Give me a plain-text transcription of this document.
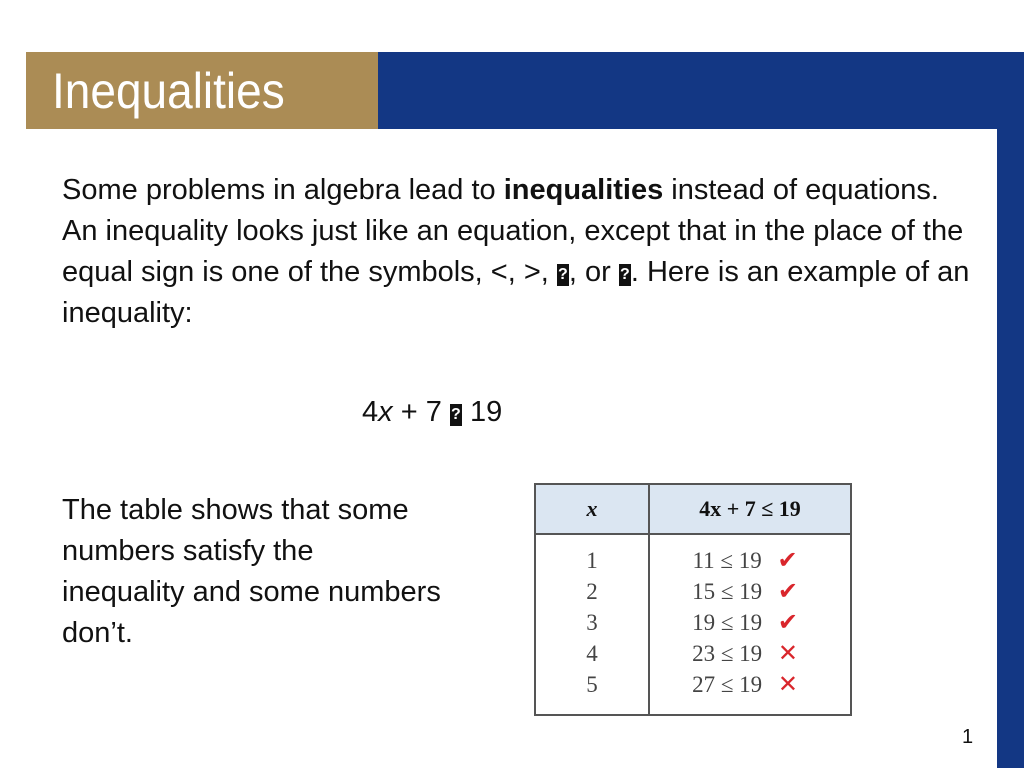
Inequalities
Some problems in algebra lead to inequalities instead of equations. An inequality looks just like an equation, except that in the place of the equal sign is one of the symbols, <, >, ?, or ?. Here is an example of an inequality:
4x + 7 ? 19
The table shows that some numbers satisfy the inequality and some numbers don’t.
x	4x + 7 ≤ 19
1	11 ≤ 19 ✔
2	15 ≤ 19 ✔
3	19 ≤ 19 ✔
4	23 ≤ 19 ✕
5	27 ≤ 19 ✕
1
